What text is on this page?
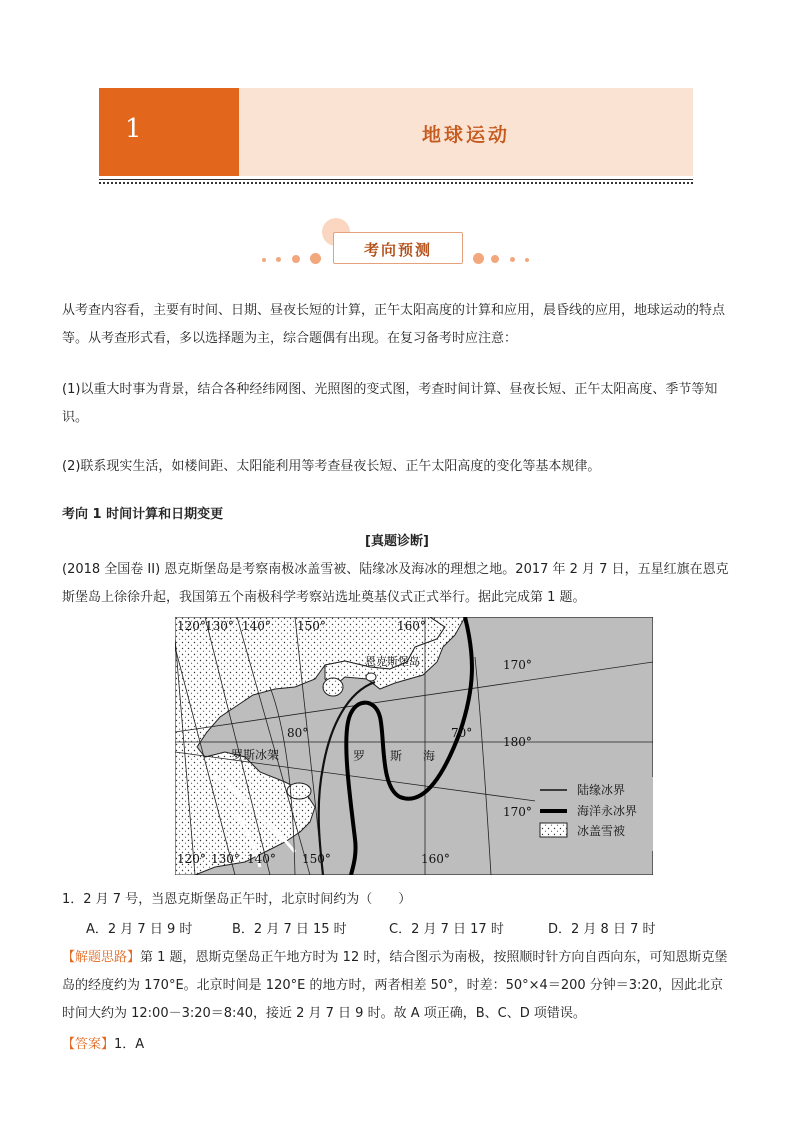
1	地球运动
考向预测
从考查内容看，主要有时间、日期、昼夜长短的计算，正午太阳高度的计算和应用，晨昏线的应用，地球运动的特点等。从考查形式看，多以选择题为主，综合题偶有出现。在复习备考时应注意：
(1)以重大时事为背景，结合各种经纬网图、光照图的变式图，考查时间计算、昼夜长短、正午太阳高度、季节等知识。
(2)联系现实生活，如楼间距、太阳能利用等考查昼夜长短、正午太阳高度的变化等基本规律。
考向 1 时间计算和日期变更
[真题诊断]
(2018 全国卷 II) 恩克斯堡岛是考察南极冰盖雪被、陆缘冰及海冰的理想之地。2017 年 2 月 7 日，五星红旗在恩克斯堡岛上徐徐升起，我国第五个南极科学考察站选址奠基仪式正式举行。据此完成第 1 题。
陆缘冰界
海洋永冰界
冰盖雪被
120° 130° 140° 150°	160°
120° 130° 140° 150°	160°
170°
180°
170°
80°	70°
恩克斯堡岛
罗斯冰架	罗 斯 海
1．2 月 7 号，当恩克斯堡岛正午时，北京时间约为（　　）
A．2 月 7 日 9 时	B．2 月 7 日 15 时	C．2 月 7 日 17 时	D．2 月 8 日 7 时
【解题思路】第 1 题，恩斯克堡岛正午地方时为 12 时，结合图示为南极，按照顺时针方向自西向东，可知恩斯克堡岛的经度约为 170°E。北京时间是 120°E 的地方时，两者相差 50°，时差：50°×4＝200 分钟＝3:20，因此北京时间大约为 12:00－3:20＝8:40，接近 2 月 7 日 9 时。故 A 项正确，B、C、D 项错误。
【答案】1．A
